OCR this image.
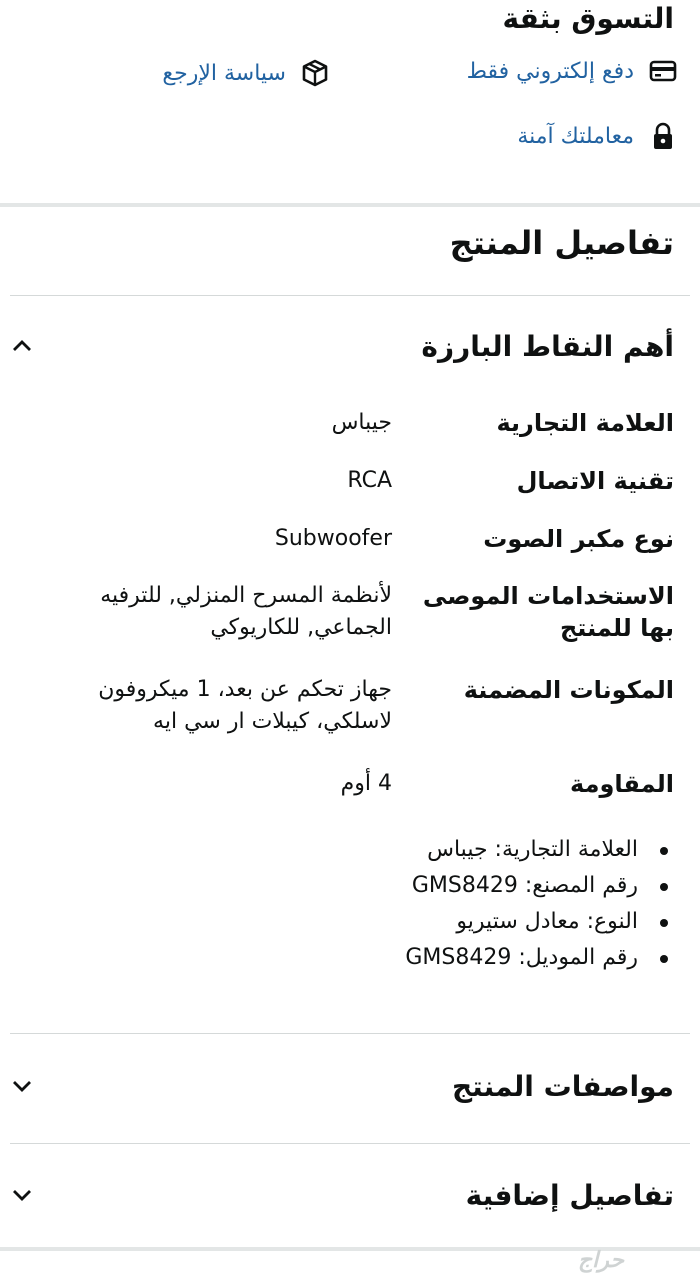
التسوق بثقة
دفع إلكتروني فقط
سياسة الإرجع
معاملتك آمنة
تفاصيل المنتج
أهم النقاط البارزة
العلامة التجارية
جيباس
تقنية الاتصال
RCA
نوع مكبر الصوت
Subwoofer
الاستخدامات الموصى بها للمنتج
لأنظمة المسرح المنزلي, للترفيه الجماعي, للكاريوكي
المكونات المضمنة
جهاز تحكم عن بعد، 1 ميكروفون لاسلكي، كيبلات ار سي ايه
المقاومة
4 أوم
العلامة التجارية: جيباس
رقم المصنع: GMS8429
النوع: معادل ستيريو
رقم الموديل: GMS8429
مواصفات المنتج
تفاصيل إضافية
حراج
